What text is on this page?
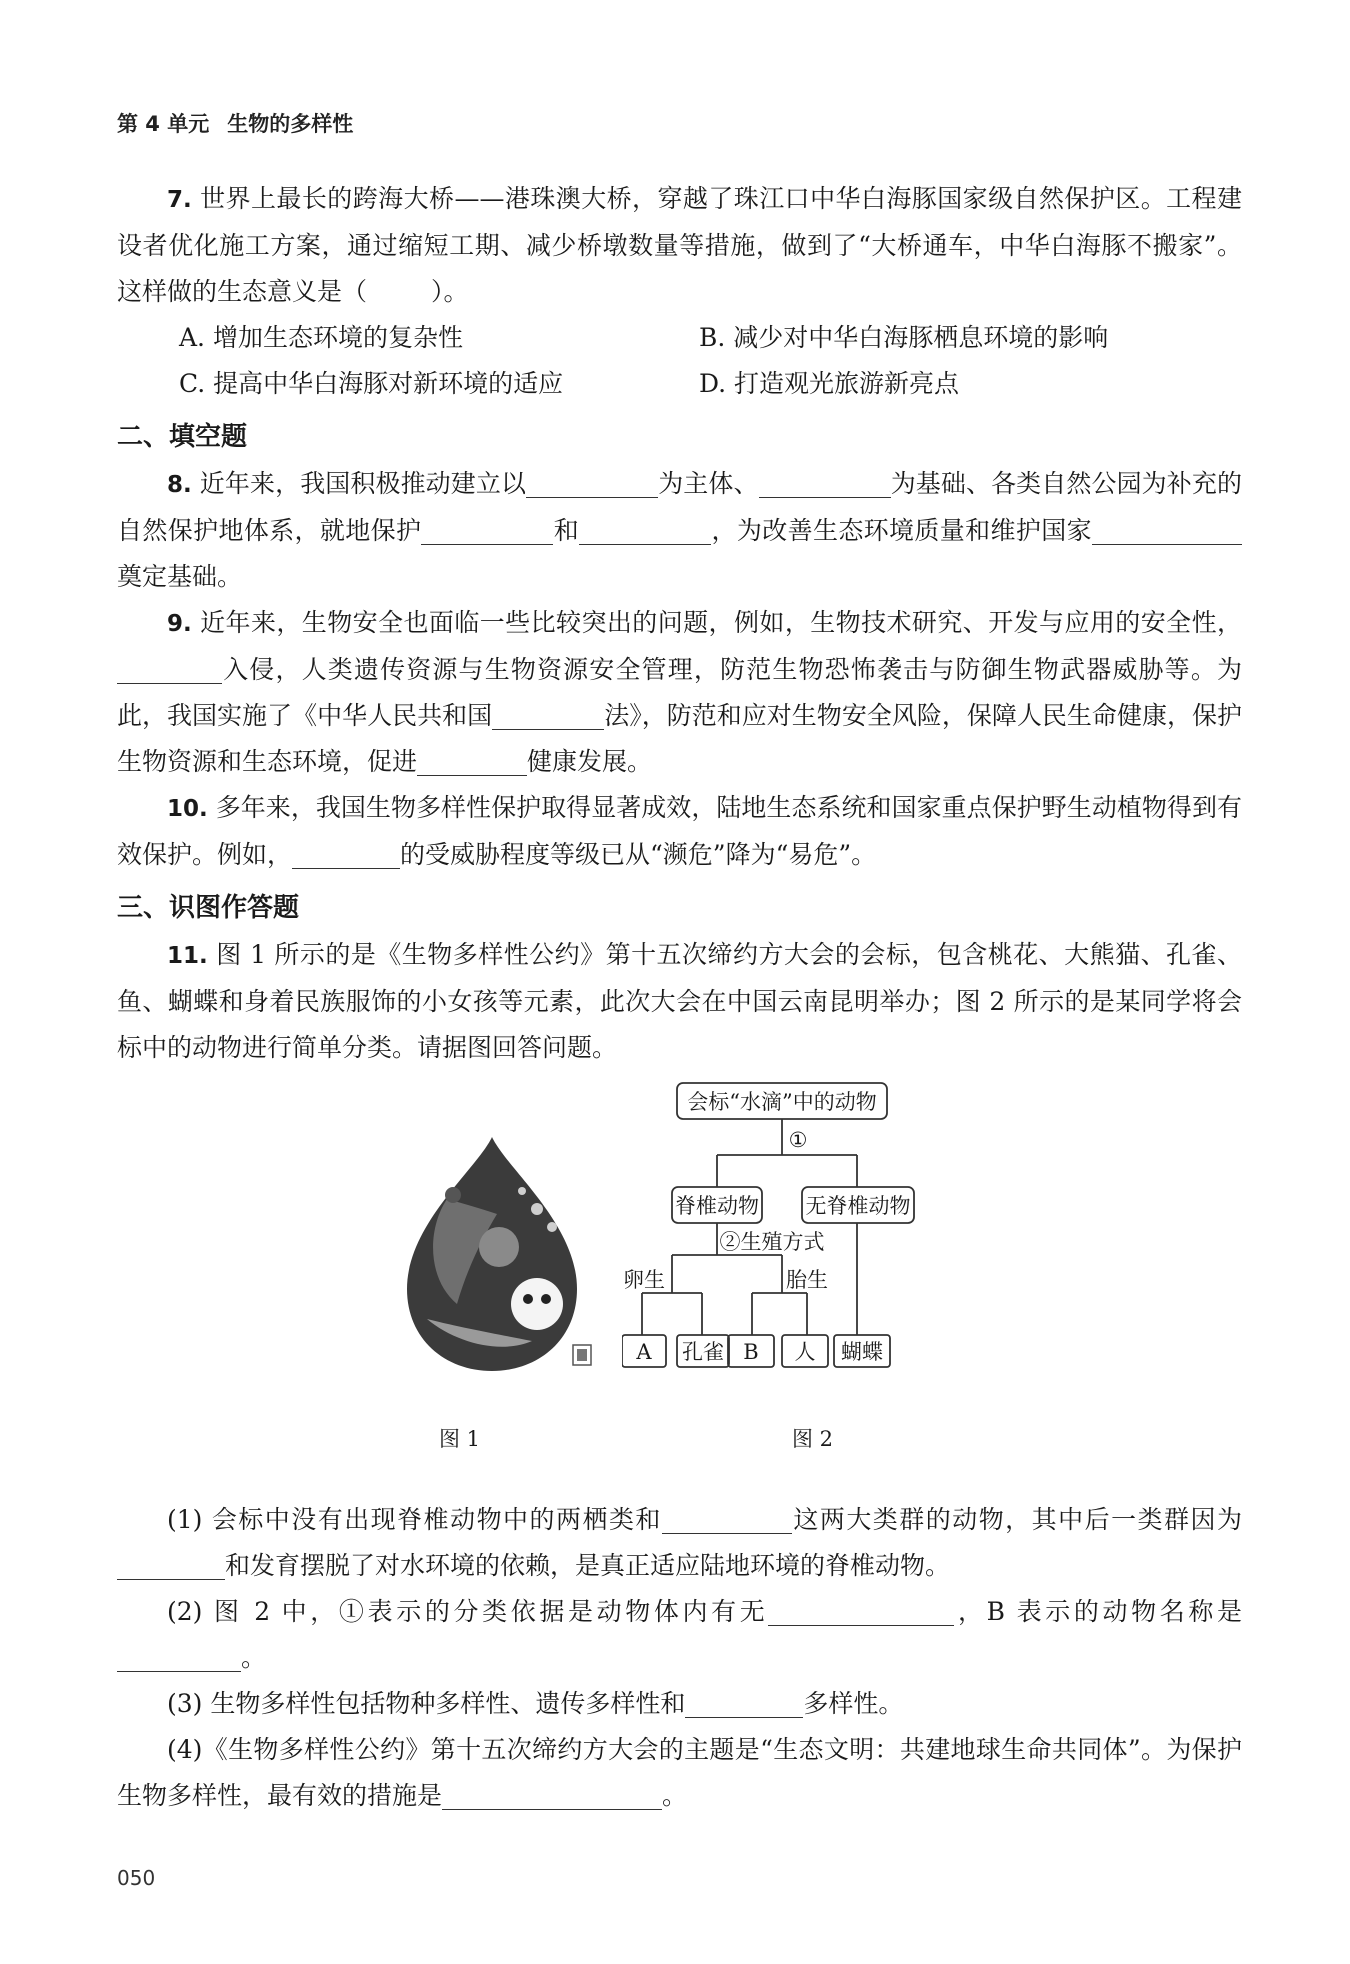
第 4 单元 生物的多样性

7. 世界上最长的跨海大桥——港珠澳大桥，穿越了珠江口中华白海豚国家级自然保护区。工程建设者优化施工方案，通过缩短工期、减少桥墩数量等措施，做到了“大桥通车，中华白海豚不搬家”。这样做的生态意义是（	）。

A. 增加生态环境的复杂性	B. 减少对中华白海豚栖息环境的影响
C. 提高中华白海豚对新环境的适应	D. 打造观光旅游新亮点
二、填空题

8. 近年来，我国积极推动建立以	为主体、	为基础、各类自然公园为补充的自然保护地体系，就地保护	和	，为改善生态环境质量和维护国家奠定基础。

9. 近年来，生物安全也面临一些比较突出的问题，例如，生物技术研究、开发与应用的安全性，入侵，人类遗传资源与生物资源安全管理，防范生物恐怖袭击与防御生物武器威胁等。为此，我国实施了《中华人民共和国	法》，防范和应对生物安全风险，保障人民生命健康，保护生物资源和生态环境，促进	健康发展。

10. 多年来，我国生物多样性保护取得显著成效，陆地生态系统和国家重点保护野生动植物得到有效保护。例如，	的受威胁程度等级已从“濒危”降为“易危”。

三、识图作答题

11. 图 1 所示的是《生物多样性公约》第十五次缔约方大会的会标，包含桃花、大熊猫、孔雀、鱼、蝴蝶和身着民族服饰的小女孩等元素，此次大会在中国云南昆明举办；图 2 所示的是某同学将会标中的动物进行简单分类。请据图回答问题。

图 1
会标“水滴”中的动物
①
脊椎动物 无脊椎动物
②生殖方式
卵生	胎生
A 孔雀 B 人 蝴蝶
图 2

(1) 会标中没有出现脊椎动物中的两栖类和	这两大类群的动物，其中后一类群因为和发育摆脱了对水环境的依赖，是真正适应陆地环境的脊椎动物。

(2) 图 2 中，①表示的分类依据是动物体内有无	，B 表示的动物名称是。

(3) 生物多样性包括物种多样性、遗传多样性和	多样性。

(4)《生物多样性公约》第十五次缔约方大会的主题是“生态文明：共建地球生命共同体”。为保护生物多样性，最有效的措施是	。

050
